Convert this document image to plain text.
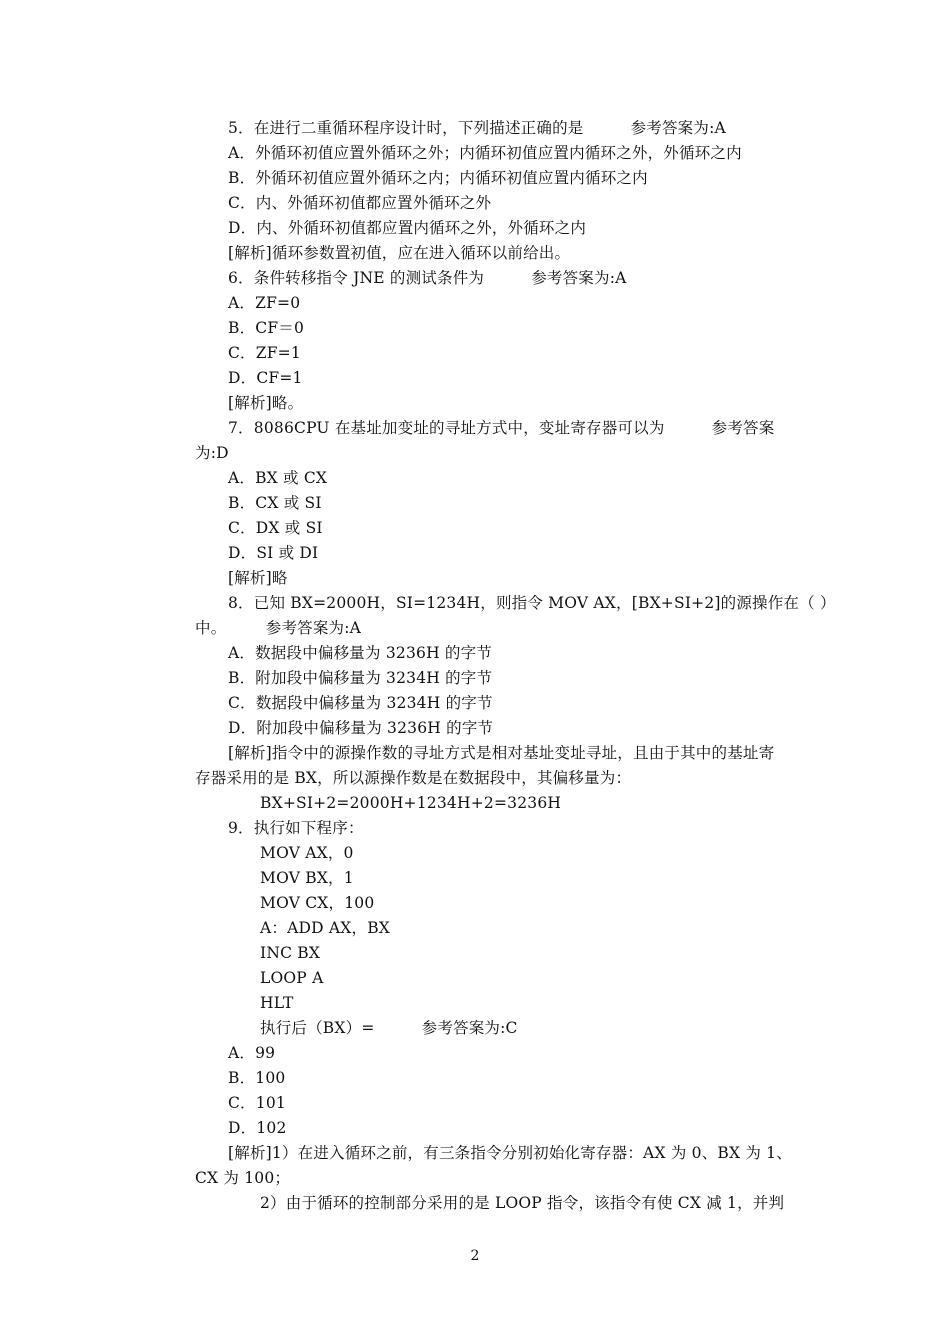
5．在进行二重循环程序设计时，下列描述正确的是　　　参考答案为:A
A．外循环初值应置外循环之外；内循环初值应置内循环之外，外循环之内
B．外循环初值应置外循环之内；内循环初值应置内循环之内
C．内、外循环初值都应置外循环之外
D．内、外循环初值都应置内循环之外，外循环之内
[解析]循环参数置初值，应在进入循环以前给出。
6．条件转移指令 JNE 的测试条件为　　　参考答案为:A
A．ZF=0
B．CF＝0
C．ZF=1
D．CF=1
[解析]略。
7．8086CPU 在基址加变址的寻址方式中，变址寄存器可以为　　　参考答案
为:D
A．BX 或 CX
B．CX 或 SI
C．DX 或 SI
D．SI 或 DI
[解析]略
8．已知 BX=2000H，SI=1234H，则指令 MOV AX，[BX+SI+2]的源操作在（ ）
中。　　　参考答案为:A
A．数据段中偏移量为 3236H 的字节
B．附加段中偏移量为 3234H 的字节
C．数据段中偏移量为 3234H 的字节
D．附加段中偏移量为 3236H 的字节
[解析]指令中的源操作数的寻址方式是相对基址变址寻址，且由于其中的基址寄
存器采用的是 BX，所以源操作数是在数据段中，其偏移量为：
BX+SI+2=2000H+1234H+2=3236H
9．执行如下程序：
MOV AX，0
MOV BX，1
MOV CX，100
A：ADD AX，BX
INC BX
LOOP A
HLT
执行后（BX）=　　　参考答案为:C
A．99
B．100
C．101
D．102
[解析]1）在进入循环之前，有三条指令分别初始化寄存器：AX 为 0、BX 为 1、
CX 为 100；
2）由于循环的控制部分采用的是 LOOP 指令，该指令有使 CX 减 1，并判
2
